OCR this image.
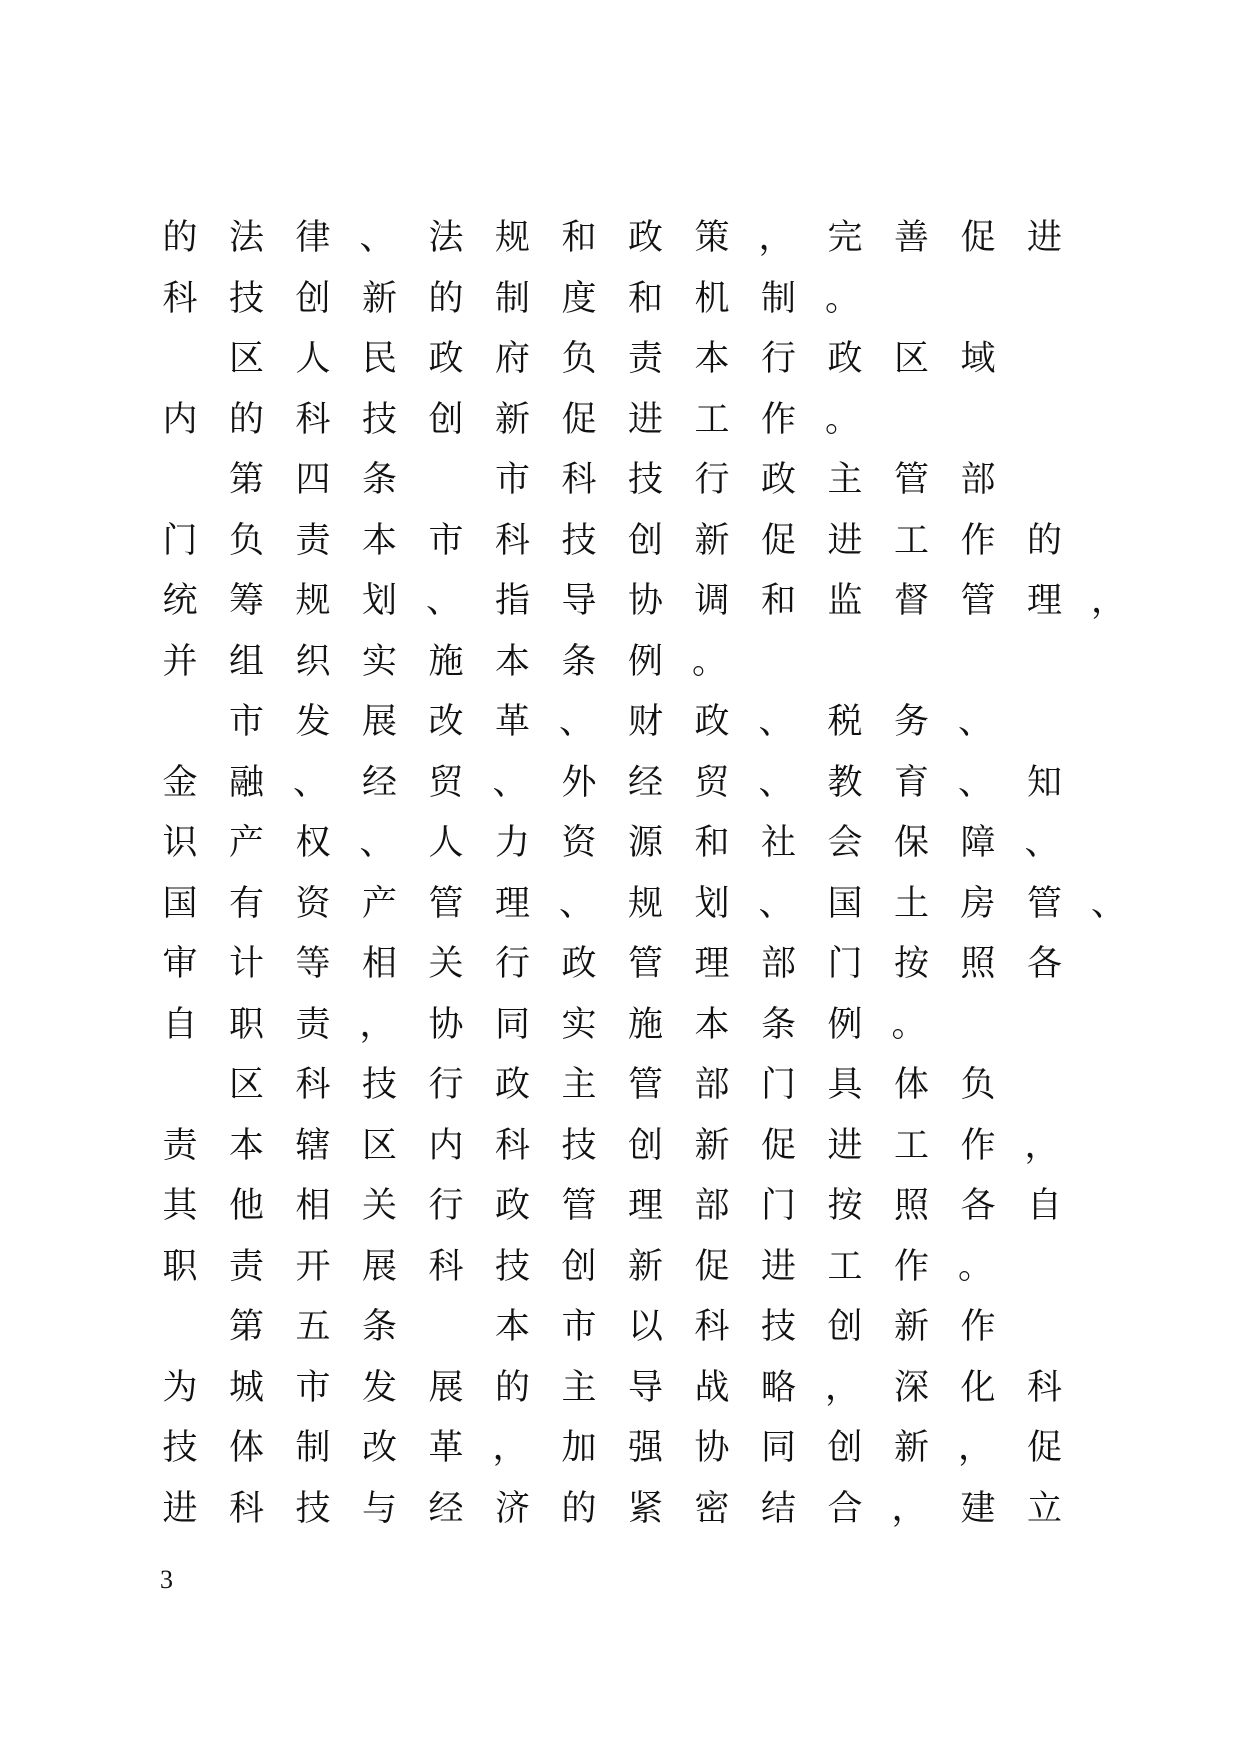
的 法 律 、 法 规 和 政 策 ， 完 善 促 进
科 技 创 新 的 制 度 和 机 制 。
区 人 民 政 府 负 责 本 行 政 区 域
内 的 科 技 创 新 促 进 工 作 。
第 四 条	市 科 技 行 政 主 管 部
门 负 责 本 市 科 技 创 新 促 进 工 作 的
统 筹 规 划 、 指 导 协 调 和 监 督 管 理 ，
并 组 织 实 施 本 条 例 。
市 发 展 改 革 、 财 政 、 税 务 、
金 融 、 经 贸 、 外 经 贸 、 教 育 、 知
识 产 权 、 人 力 资 源 和 社 会 保 障 、
国 有 资 产 管 理 、 规 划 、 国 土 房 管 、
审 计 等 相 关 行 政 管 理 部 门 按 照 各
自 职 责 ， 协 同 实 施 本 条 例 。
区 科 技 行 政 主 管 部 门 具 体 负
责 本 辖 区 内 科 技 创 新 促 进 工 作 ，
其 他 相 关 行 政 管 理 部 门 按 照 各 自
职 责 开 展 科 技 创 新 促 进 工 作 。
第 五 条	本 市 以 科 技 创 新 作
为 城 市 发 展 的 主 导 战 略 ， 深 化 科
技 体 制 改 革 ， 加 强 协 同 创 新 ， 促
进 科 技 与 经 济 的 紧 密 结 合 ， 建 立
3
